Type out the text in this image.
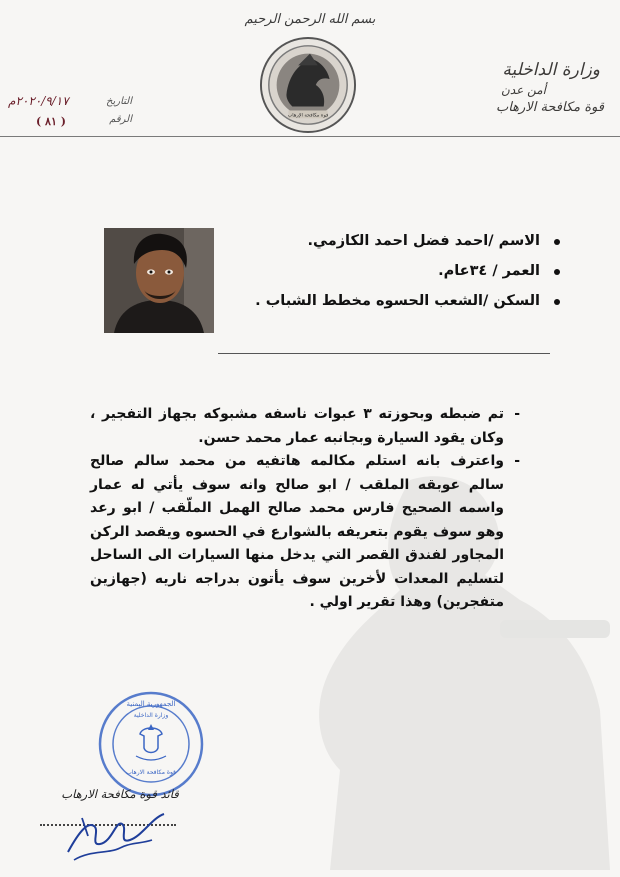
بسم الله الرحمن الرحيم
فوة مكافحة الإرهاب
وزارة الداخلية
أمن عدن
قوة مكافحة الارهاب
التاريخ
٢٠٢٠/٩/١٧م
الرقم
( ٨١ )
الاسم /احمد فضل احمد الكازمي.
العمر / ٣٤عام.
السكن /الشعب الحسوه مخطط الشباب .

- تم ضبطه وبحوزته ٣ عبوات ناسفه مشبوكه بجهاز التفجير ، وكان يقود السيارة وبجانبه عمار محمد حسن.

- واعترف بانه استلم مكالمه هاتفيه من محمد سالم صالح سالم عوبقه الملقب / ابو صالح وانه سوف يأتي له عمار واسمه الصحيح فارس محمد صالح الهمل الملّقب / ابو رعد وهو سوف يقوم بتعريفه بالشوارع في الحسوه ويقصد الركن المجاور لفندق القصر التي يدخل منها السيارات الى الساحل لتسليم المعدات لأخرين سوف يأتون بدراجه ناريه (جهازين متفجرين) وهذا تقرير اولي .

الجمهورية اليمنية
وزارة الداخلية
قوة مكافحة الارهاب
قائد قوة مكافحة الارهاب
